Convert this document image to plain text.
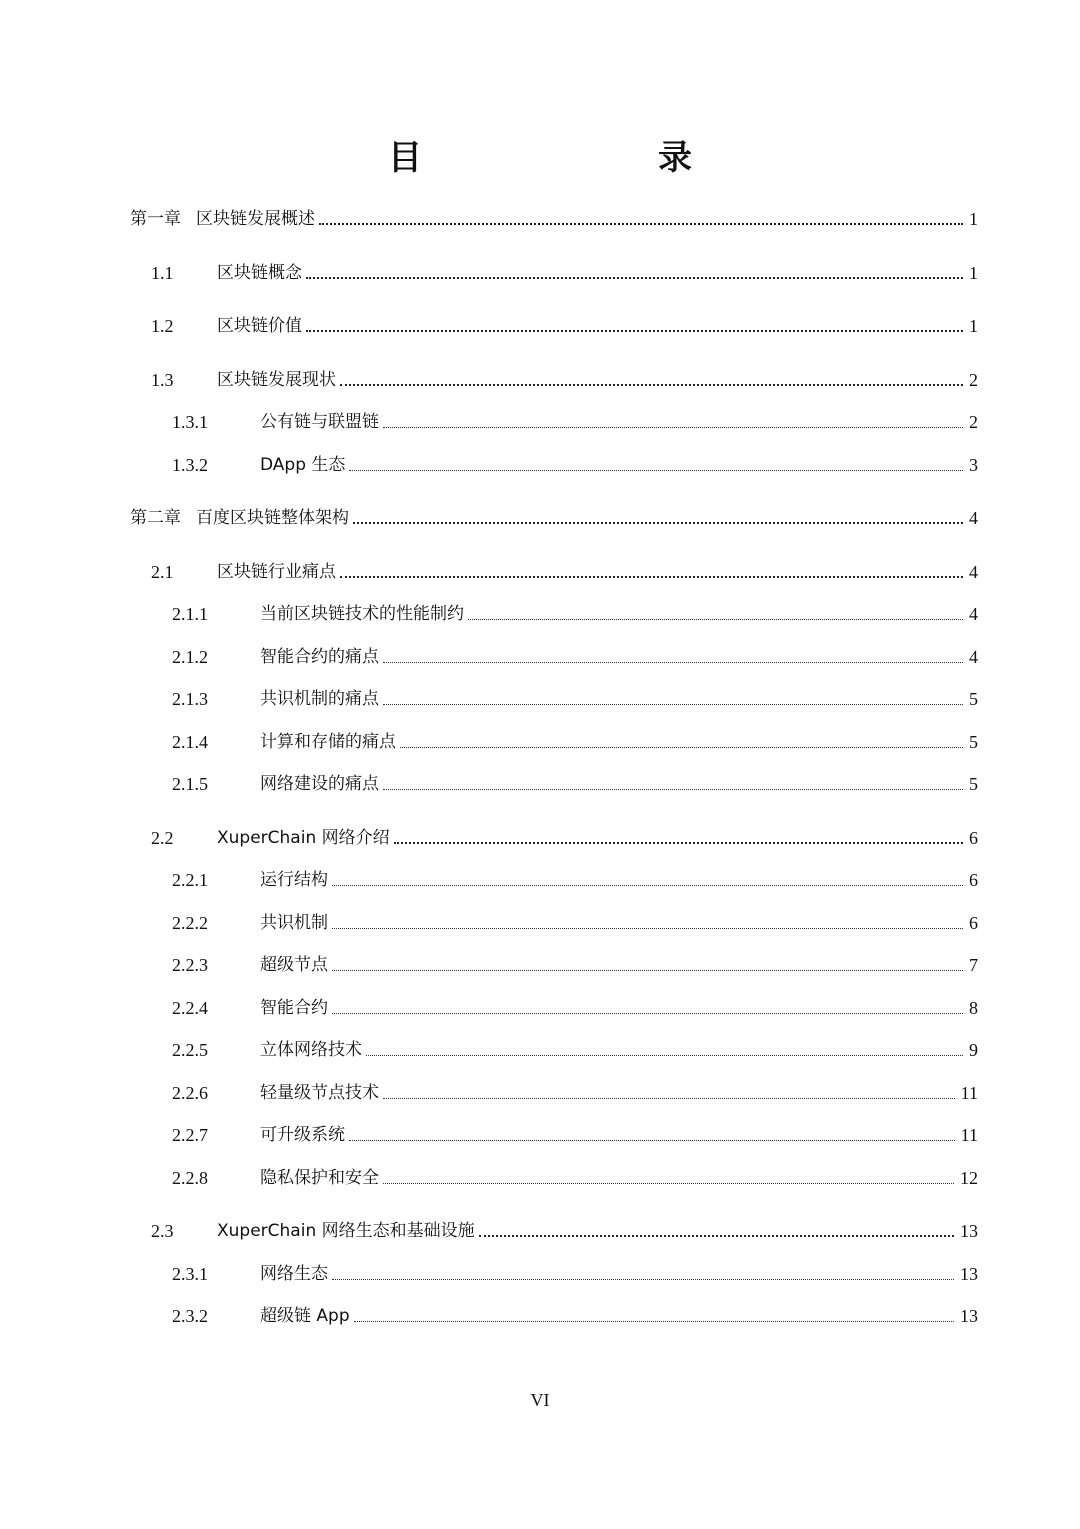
目　　录
第一章 区块链发展概述	1
1.1	区块链概念	1
1.2	区块链价值	1
1.3	区块链发展现状	2
1.3.1	公有链与联盟链	2
1.3.2	DApp 生态	3
第二章 百度区块链整体架构	4
2.1	区块链行业痛点	4
2.1.1	当前区块链技术的性能制约	4
2.1.2	智能合约的痛点	4
2.1.3	共识机制的痛点	5
2.1.4	计算和存储的痛点	5
2.1.5	网络建设的痛点	5
2.2	XuperChain 网络介绍	6
2.2.1	运行结构	6
2.2.2	共识机制	6
2.2.3	超级节点	7
2.2.4	智能合约	8
2.2.5	立体网络技术	9
2.2.6	轻量级节点技术	11
2.2.7	可升级系统	11
2.2.8	隐私保护和安全	12
2.3	XuperChain 网络生态和基础设施	13
2.3.1	网络生态	13
2.3.2	超级链 App	13
VI
